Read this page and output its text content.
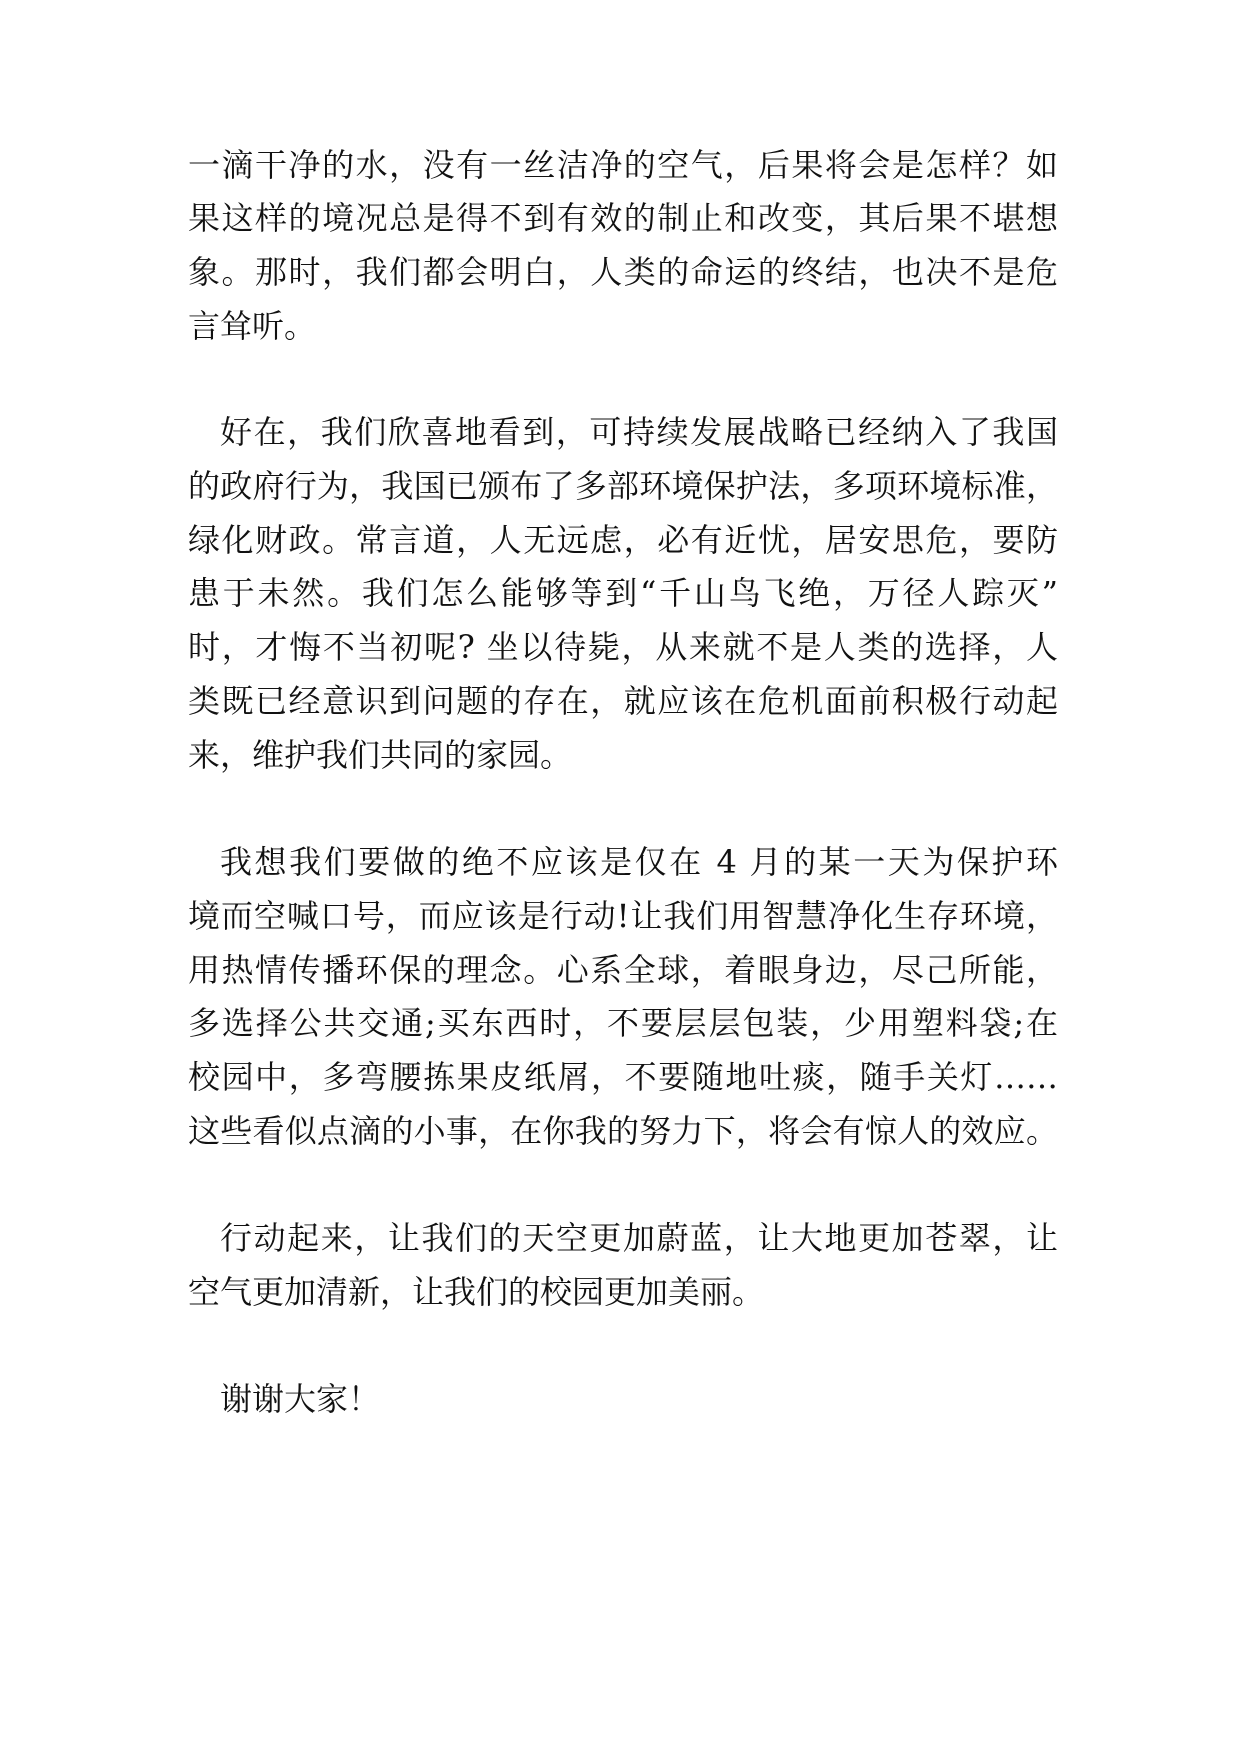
一滴干净的水，没有一丝洁净的空气，后果将会是怎样？如

果这样的境况总是得不到有效的制止和改变，其后果不堪想

象。那时，我们都会明白，人类的命运的终结，也决不是危

言耸听。

好在，我们欣喜地看到，可持续发展战略已经纳入了我国

的政府行为，我国已颁布了多部环境保护法，多项环境标准，

绿化财政。常言道，人无远虑，必有近忧，居安思危，要防

患于未然。我们怎么能够等到“千山鸟飞绝，万径人踪灭”

时，才悔不当初呢? 坐以待毙，从来就不是人类的选择，人

类既已经意识到问题的存在，就应该在危机面前积极行动起

来，维护我们共同的家园。

我想我们要做的绝不应该是仅在 4 月的某一天为保护环

境而空喊口号，而应该是行动!让我们用智慧净化生存环境，

用热情传播环保的理念。心系全球，着眼身边，尽己所能，

多选择公共交通;买东西时，不要层层包装，少用塑料袋;在

校园中，多弯腰拣果皮纸屑，不要随地吐痰，随手关灯……

这些看似点滴的小事，在你我的努力下，将会有惊人的效应。

行动起来，让我们的天空更加蔚蓝，让大地更加苍翠，让

空气更加清新，让我们的校园更加美丽。

谢谢大家！
